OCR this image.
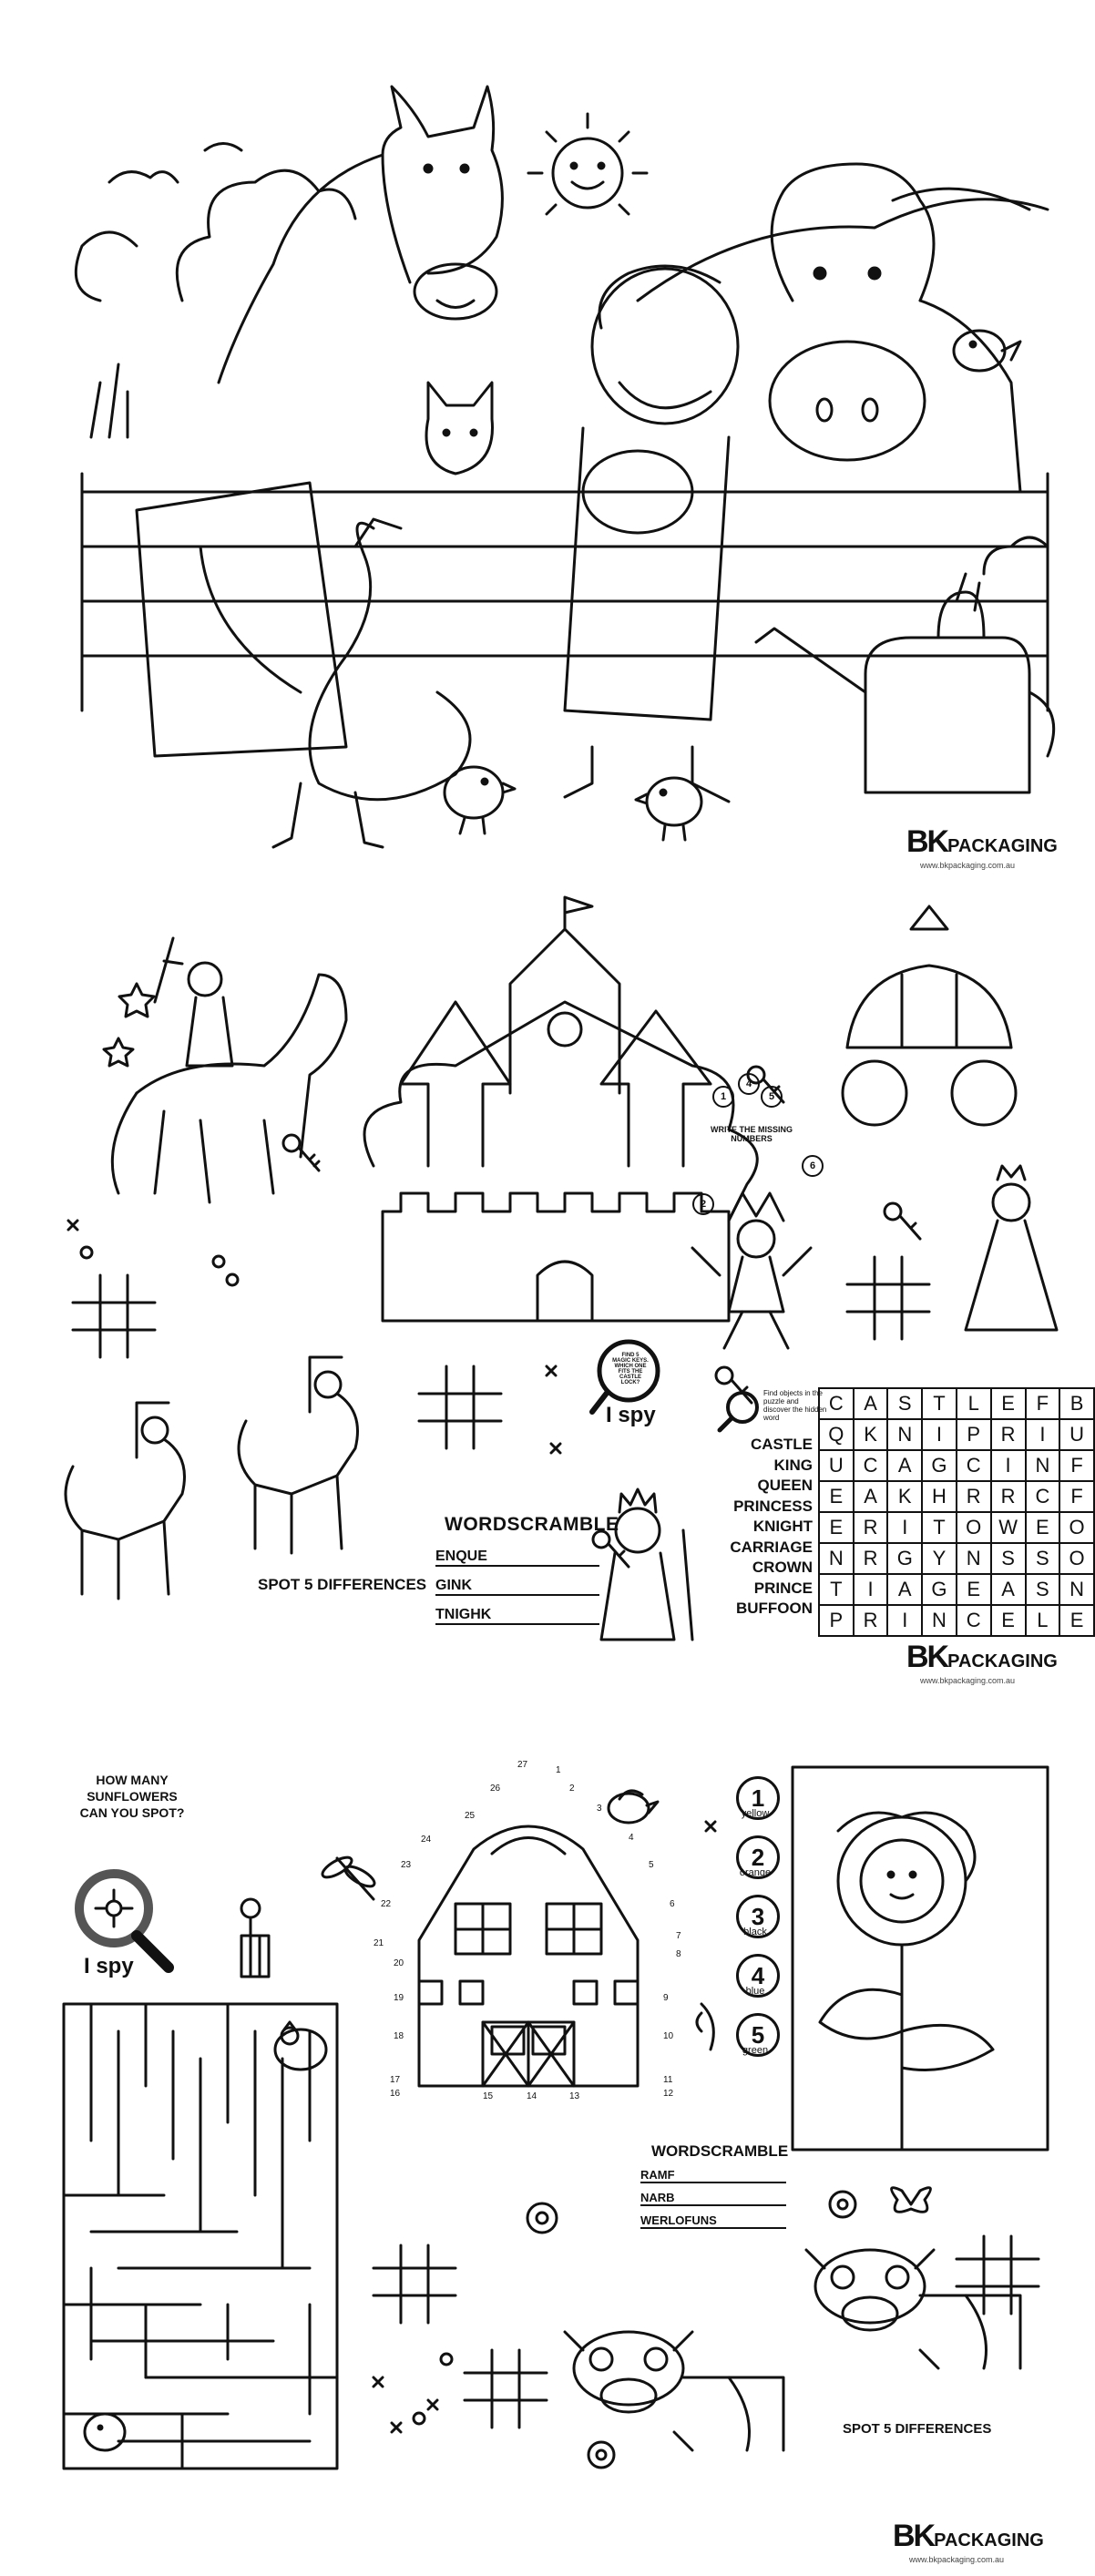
BKPACKAGING
www.bkpackaging.com.au
1
4
5
6
2
WRITE THE MISSING NUMBERS
FIND 5 MAGIC KEYS. WHICH ONE FITS THE CASTLE LOCK?
I spy
Find objects in the puzzle and discover the hidden word
CASTLE
KING
QUEEN
PRINCESS
KNIGHT
CARRIAGE
CROWN
PRINCE
BUFFOON
C	A	S	T	L	E	F	B
Q	K	N	I	P	R	I	U
U	C	A	G	C	I	N	F
E	A	K	H	R	R	C	F
E	R	I	T	O	W	E	O
N	R	G	Y	N	S	S	O
T	I	A	G	E	A	S	N
P	R	I	N	C	E	L	E
WORDSCRAMBLE
ENQUE
GINK
TNIGHK
SPOT 5 DIFFERENCES
BKPACKAGING
www.bkpackaging.com.au
HOW MANY SUNFLOWERS CAN YOU SPOT?
I spy
1
yellow
2
orange
3
black
4
blue
5
green
27
1
2
26
3
25
4
24
5
23
6
22
7
21
8
20
9
19
10
18
11
17
12
16	13
14
15
WORDSCRAMBLE
RAMF
NARB
WERLOFUNS
SPOT 5 DIFFERENCES
BKPACKAGING
www.bkpackaging.com.au
